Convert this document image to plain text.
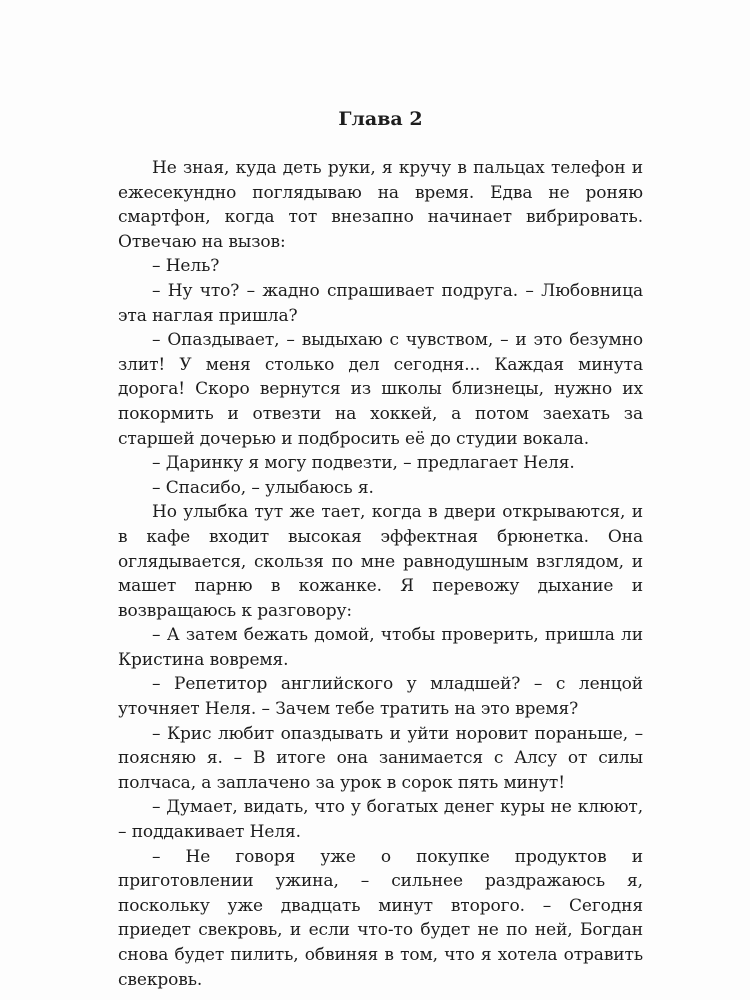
Глава 2

Не зная, куда деть руки, я кручу в пальцах телефон и ежесекундно поглядываю на время. Едва не роняю смартфон, когда тот внезапно начинает вибрировать. Отвечаю на вызов:

– Нель?

– Ну что? – жадно спрашивает подруга. – Любовница эта наглая пришла?

– Опаздывает, – выдыхаю с чувством, – и это безумно злит! У меня столько дел сегодня... Каждая минута дорога! Скоро вернутся из школы близнецы, нужно их покормить и отвезти на хоккей, а потом заехать за старшей дочерью и подбросить её до студии вокала.

– Даринку я могу подвезти, – предлагает Неля.

– Спасибо, – улыбаюсь я.

Но улыбка тут же тает, когда в двери открываются, и в кафе входит высокая эффектная брюнетка. Она оглядывается, скользя по мне равнодушным взглядом, и машет парню в кожанке. Я перевожу дыхание и возвращаюсь к разговору:

– А затем бежать домой, чтобы проверить, пришла ли Кристина вовремя.

– Репетитор английского у младшей? – с ленцой уточняет Неля. – Зачем тебе тратить на это время?

– Крис любит опаздывать и уйти норовит пораньше, – поясняю я. – В итоге она занимается с Алсу от силы полчаса, а заплачено за урок в сорок пять минут!

– Думает, видать, что у богатых денег куры не клюют, – поддакивает Неля.

– Не говоря уже о покупке продуктов и приготовлении ужина, – сильнее раздражаюсь я, поскольку уже двадцать минут второго. – Сегодня приедет свекровь, и если что-то будет не по ней, Богдан снова будет пилить, обвиняя в том, что я хотела отравить свекровь.
